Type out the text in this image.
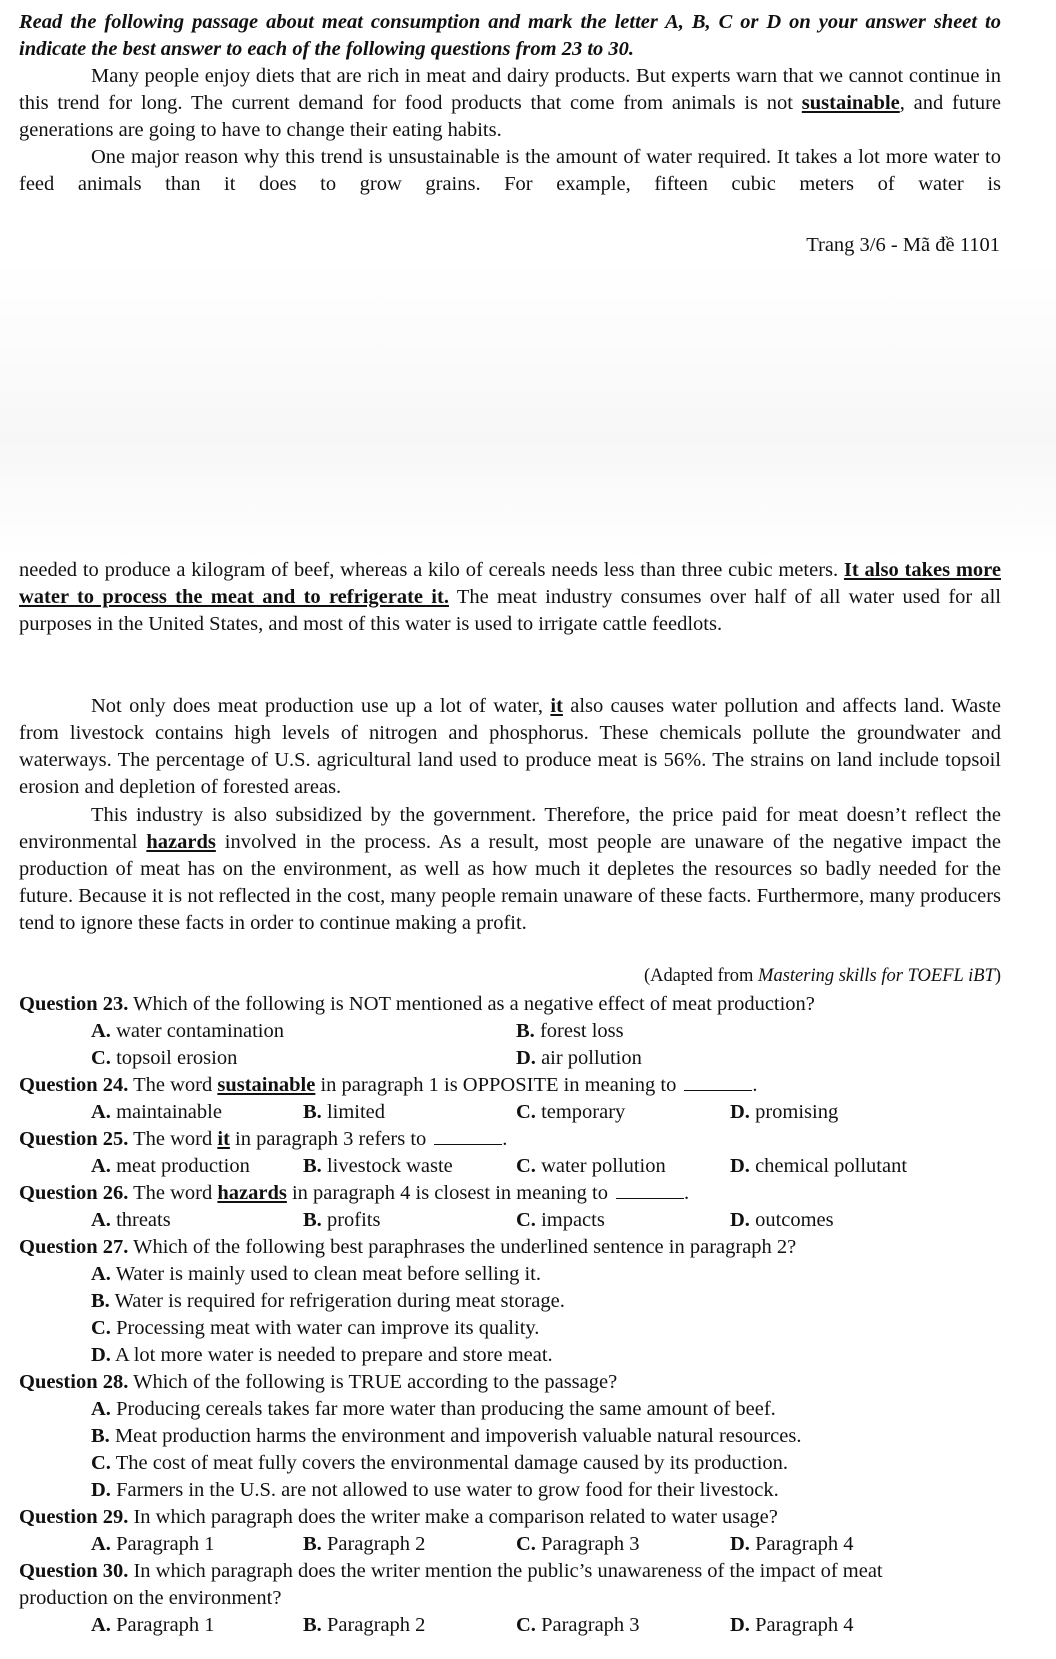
Read the following passage about meat consumption and mark the letter A, B, C or D on your answer sheet to indicate the best answer to each of the following questions from 23 to 30.
Many people enjoy diets that are rich in meat and dairy products. But experts warn that we cannot continue in this trend for long. The current demand for food products that come from animals is not sustainable, and future generations are going to have to change their eating habits.
One major reason why this trend is unsustainable is the amount of water required. It takes a lot more water to feed animals than it does to grow grains. For example, fifteen cubic meters of water is
Trang 3/6 - Mã đề 1101
needed to produce a kilogram of beef, whereas a kilo of cereals needs less than three cubic meters. It also takes more water to process the meat and to refrigerate it. The meat industry consumes over half of all water used for all purposes in the United States, and most of this water is used to irrigate cattle feedlots.
Not only does meat production use up a lot of water, it also causes water pollution and affects land. Waste from livestock contains high levels of nitrogen and phosphorus. These chemicals pollute the groundwater and waterways. The percentage of U.S. agricultural land used to produce meat is 56%. The strains on land include topsoil erosion and depletion of forested areas.
This industry is also subsidized by the government. Therefore, the price paid for meat doesn’t reflect the environmental hazards involved in the process. As a result, most people are unaware of the negative impact the production of meat has on the environment, as well as how much it depletes the resources so badly needed for the future. Because it is not reflected in the cost, many people remain unaware of these facts. Furthermore, many producers tend to ignore these facts in order to continue making a profit.
(Adapted from Mastering skills for TOEFL iBT)
Question 23. Which of the following is NOT mentioned as a negative effect of meat production?
A. water contamination	B. forest loss
C. topsoil erosion	D. air pollution
Question 24. The word sustainable in paragraph 1 is OPPOSITE in meaning to	.
A. maintainable	B. limited	C. temporary	D. promising
Question 25. The word it in paragraph 3 refers to	.
A. meat production	B. livestock waste	C. water pollution	D. chemical pollutant
Question 26. The word hazards in paragraph 4 is closest in meaning to	.
A. threats	B. profits	C. impacts	D. outcomes
Question 27. Which of the following best paraphrases the underlined sentence in paragraph 2?
A. Water is mainly used to clean meat before selling it.
B. Water is required for refrigeration during meat storage.
C. Processing meat with water can improve its quality.
D. A lot more water is needed to prepare and store meat.
Question 28. Which of the following is TRUE according to the passage?
A. Producing cereals takes far more water than producing the same amount of beef.
B. Meat production harms the environment and impoverish valuable natural resources.
C. The cost of meat fully covers the environmental damage caused by its production.
D. Farmers in the U.S. are not allowed to use water to grow food for their livestock.
Question 29. In which paragraph does the writer make a comparison related to water usage?
A. Paragraph 1	B. Paragraph 2	C. Paragraph 3	D. Paragraph 4
Question 30. In which paragraph does the writer mention the public’s unawareness of the impact of meat production on the environment?
A. Paragraph 1	B. Paragraph 2	C. Paragraph 3	D. Paragraph 4
